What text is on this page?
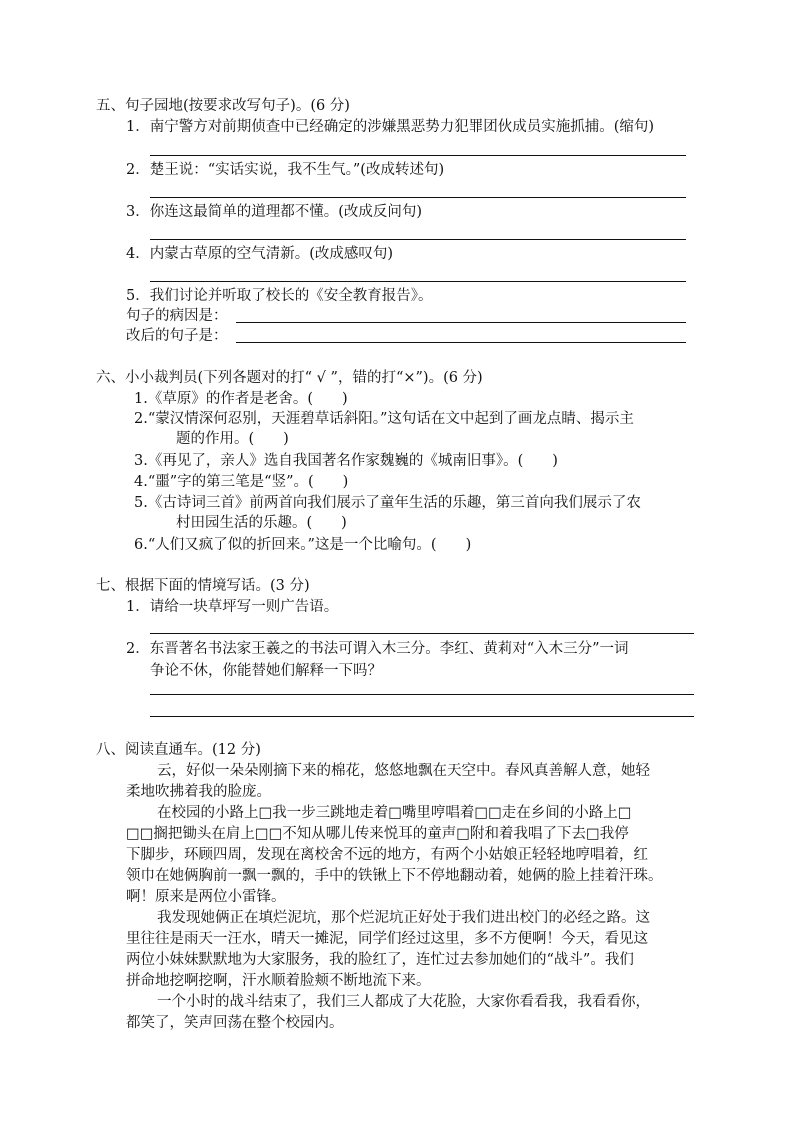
五、句子园地(按要求改写句子)。(6 分)
1．南宁警方对前期侦查中已经确定的涉嫌黑恶势力犯罪团伙成员实施抓捕。(缩句)
2．楚王说：“实话实说，我不生气。”(改成转述句)
3．你连这最简单的道理都不懂。(改成反问句)
4．内蒙古草原的空气清新。(改成感叹句)
5．我们讨论并听取了校长的《安全教育报告》。
句子的病因是：
改后的句子是：
六、小小裁判员(下列各题对的打“ √ ”，错的打“×”)。(6 分)
1.《草原》的作者是老舍。(　　)
2.“蒙汉情深何忍别，天涯碧草话斜阳。”这句话在文中起到了画龙点睛、揭示主
题的作用。(　　)
3.《再见了，亲人》选自我国著名作家魏巍的《城南旧事》。(　　)
4.“噩”字的第三笔是“竖”。(　　)
5.《古诗词三首》前两首向我们展示了童年生活的乐趣，第三首向我们展示了农
村田园生活的乐趣。(　　)
6.“人们又疯了似的折回来。”这是一个比喻句。(　　)
七、根据下面的情境写话。(3 分)
1．请给一块草坪写一则广告语。
2．东晋著名书法家王羲之的书法可谓入木三分。李红、黄莉对“入木三分”一词
争论不休，你能替她们解释一下吗？
八、阅读直通车。(12 分)
云，好似一朵朵刚摘下来的棉花，悠悠地飘在天空中。春风真善解人意，她轻
柔地吹拂着我的脸庞。
在校园的小路上□我一步三跳地走着□嘴里哼唱着□□走在乡间的小路上□
□□搁把锄头在肩上□□不知从哪儿传来悦耳的童声□附和着我唱了下去□我停
下脚步，环顾四周，发现在离校舍不远的地方，有两个小姑娘正轻轻地哼唱着，红
领巾在她俩胸前一飘一飘的，手中的铁锹上下不停地翻动着，她俩的脸上挂着汗珠。
啊！原来是两位小雷锋。
我发现她俩正在填烂泥坑，那个烂泥坑正好处于我们进出校门的必经之路。这
里往往是雨天一汪水，晴天一摊泥，同学们经过这里，多不方便啊！今天，看见这
两位小妹妹默默地为大家服务，我的脸红了，连忙过去参加她们的“战斗”。我们
拼命地挖啊挖啊，汗水顺着脸颊不断地流下来。
一个小时的战斗结束了，我们三人都成了大花脸，大家你看看我，我看看你，
都笑了，笑声回荡在整个校园内。
